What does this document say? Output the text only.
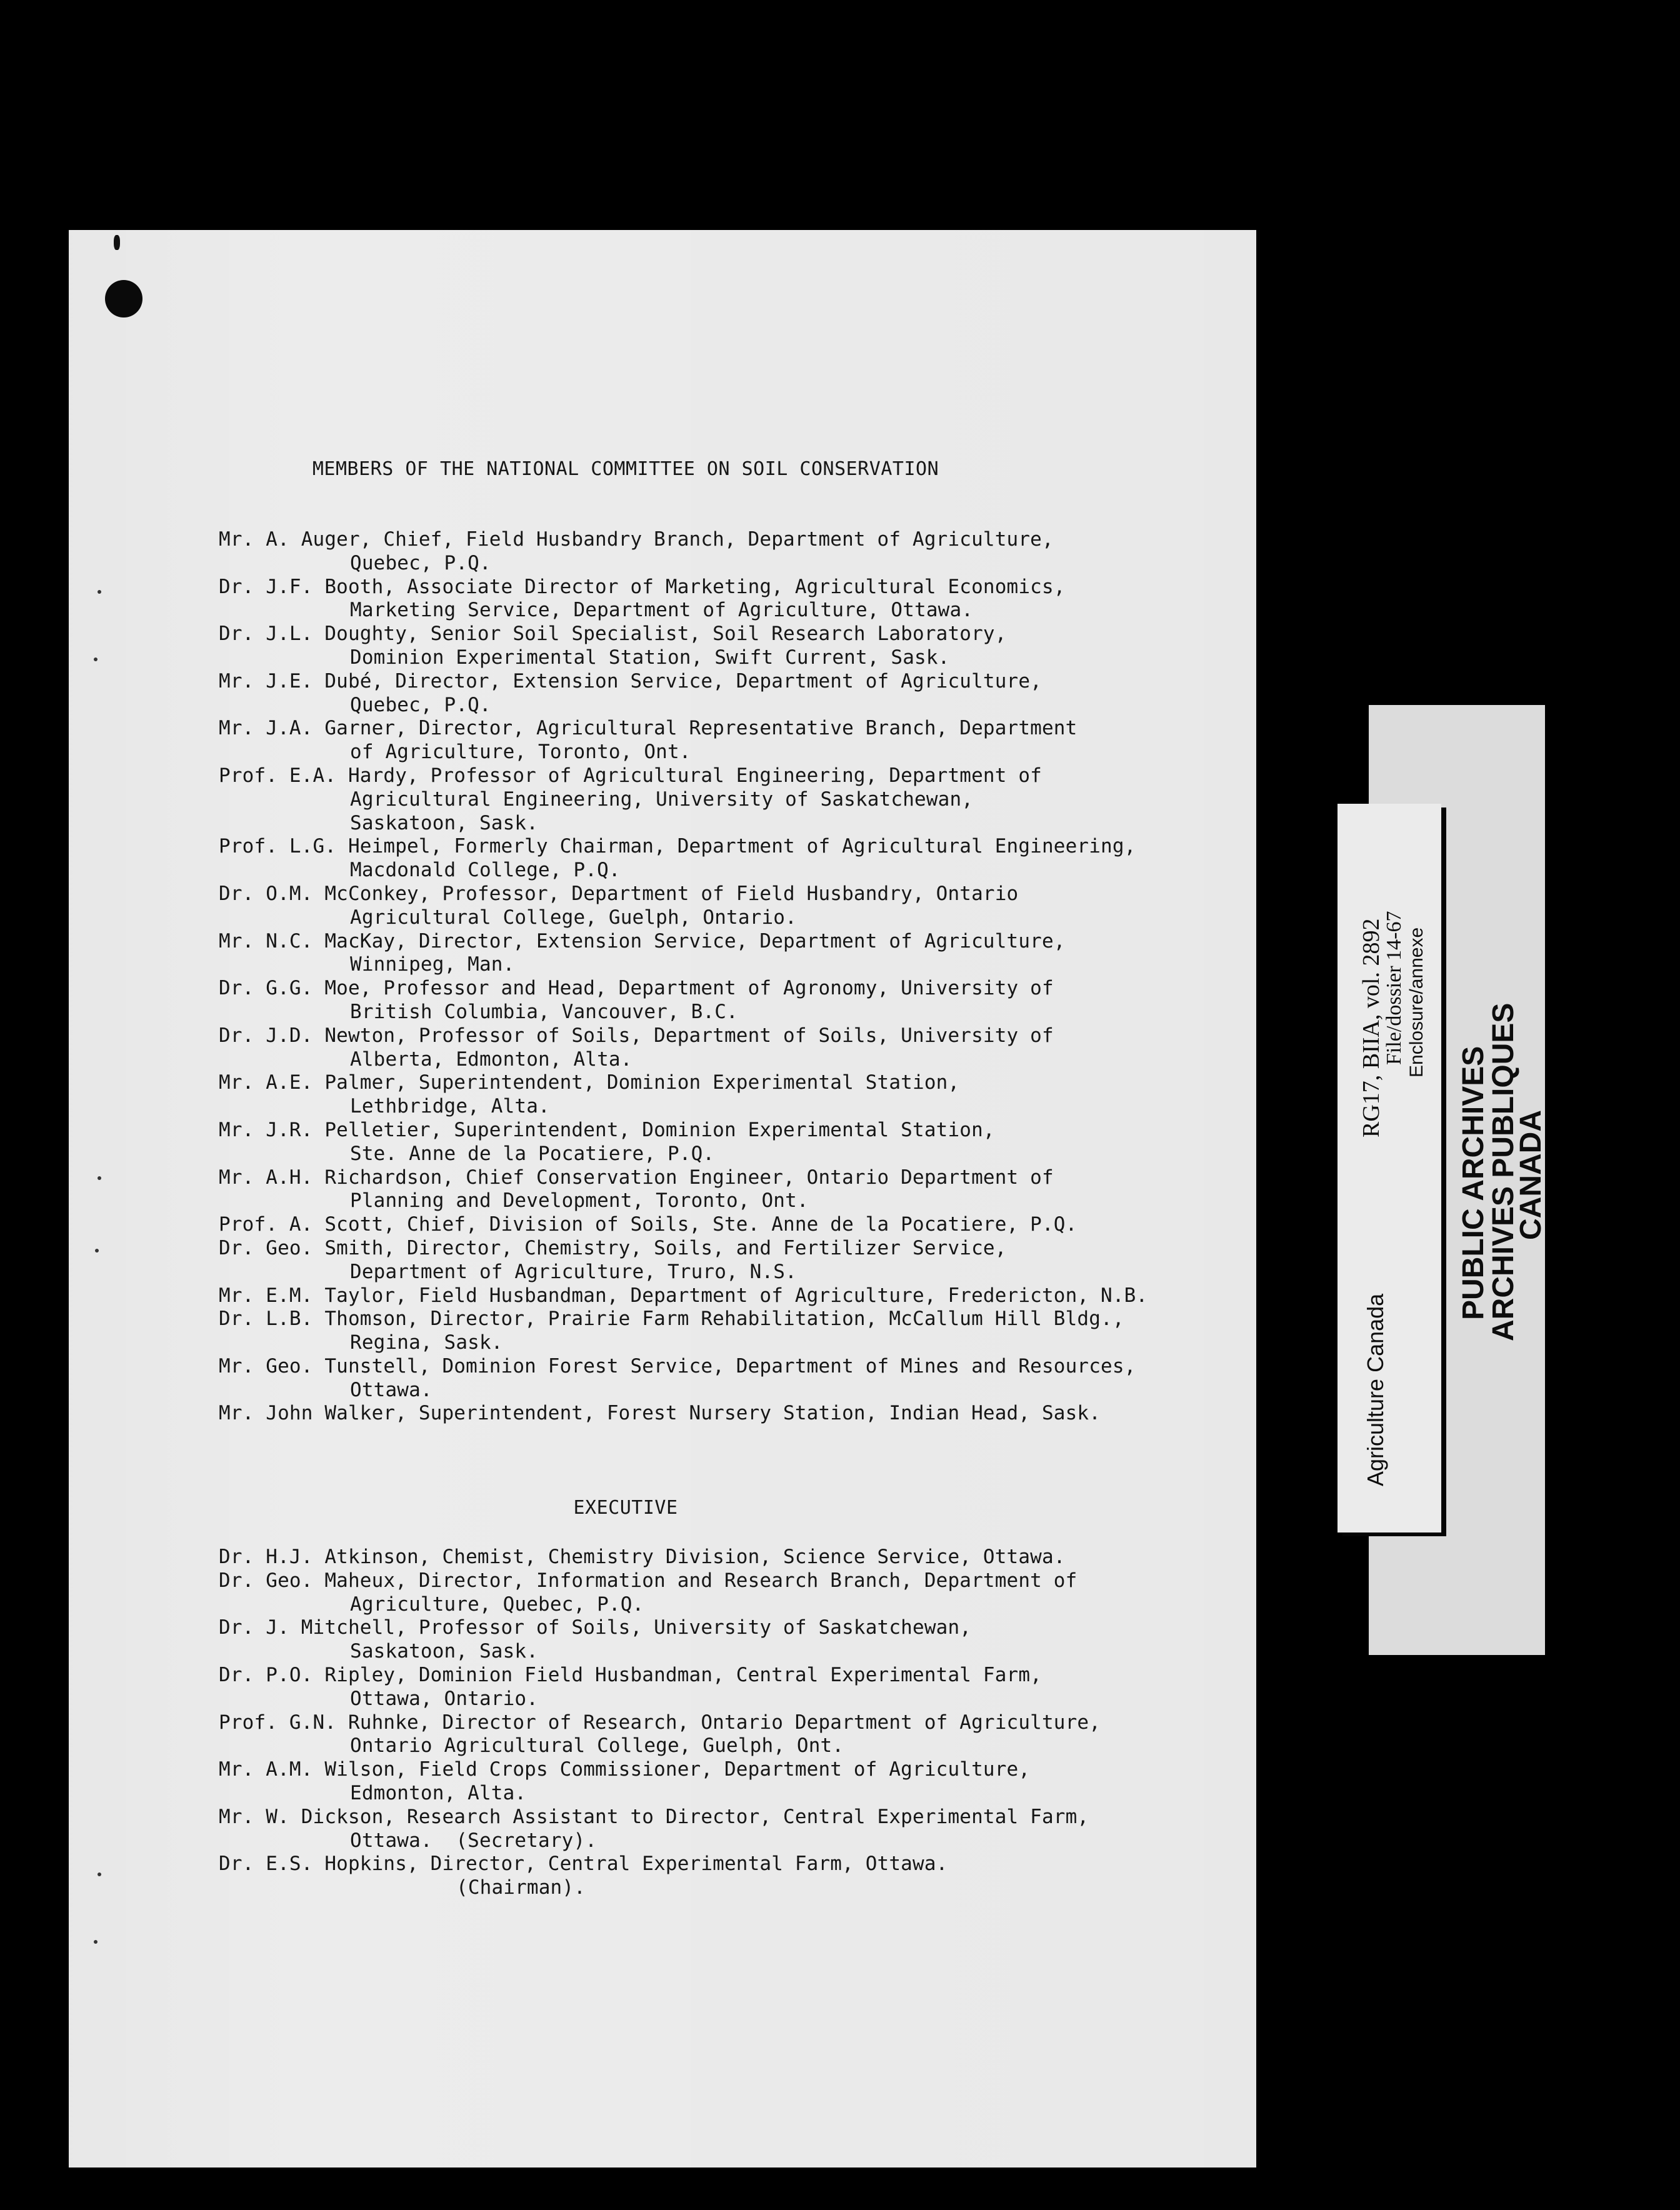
MEMBERS OF THE NATIONAL COMMITTEE ON SOIL CONSERVATION
Mr. A. Auger, Chief, Field Husbandry Branch, Department of Agriculture,
Quebec, P.Q.
Dr. J.F. Booth, Associate Director of Marketing, Agricultural Economics,
Marketing Service, Department of Agriculture, Ottawa.
Dr. J.L. Doughty, Senior Soil Specialist, Soil Research Laboratory,
Dominion Experimental Station, Swift Current, Sask.
Mr. J.E. Dubé, Director, Extension Service, Department of Agriculture,
Quebec, P.Q.
Mr. J.A. Garner, Director, Agricultural Representative Branch, Department
of Agriculture, Toronto, Ont.
Prof. E.A. Hardy, Professor of Agricultural Engineering, Department of
Agricultural Engineering, University of Saskatchewan,
Saskatoon, Sask.
Prof. L.G. Heimpel, Formerly Chairman, Department of Agricultural Engineering,
Macdonald College, P.Q.
Dr. O.M. McConkey, Professor, Department of Field Husbandry, Ontario
Agricultural College, Guelph, Ontario.
Mr. N.C. MacKay, Director, Extension Service, Department of Agriculture,
Winnipeg, Man.
Dr. G.G. Moe, Professor and Head, Department of Agronomy, University of
British Columbia, Vancouver, B.C.
Dr. J.D. Newton, Professor of Soils, Department of Soils, University of
Alberta, Edmonton, Alta.
Mr. A.E. Palmer, Superintendent, Dominion Experimental Station,
Lethbridge, Alta.
Mr. J.R. Pelletier, Superintendent, Dominion Experimental Station,
Ste. Anne de la Pocatiere, P.Q.
Mr. A.H. Richardson, Chief Conservation Engineer, Ontario Department of
Planning and Development, Toronto, Ont.
Prof. A. Scott, Chief, Division of Soils, Ste. Anne de la Pocatiere, P.Q.
Dr. Geo. Smith, Director, Chemistry, Soils, and Fertilizer Service,
Department of Agriculture, Truro, N.S.
Mr. E.M. Taylor, Field Husbandman, Department of Agriculture, Fredericton, N.B.
Dr. L.B. Thomson, Director, Prairie Farm Rehabilitation, McCallum Hill Bldg.,
Regina, Sask.
Mr. Geo. Tunstell, Dominion Forest Service, Department of Mines and Resources,
Ottawa.
Mr. John Walker, Superintendent, Forest Nursery Station, Indian Head, Sask.
EXECUTIVE
Dr. H.J. Atkinson, Chemist, Chemistry Division, Science Service, Ottawa.
Dr. Geo. Maheux, Director, Information and Research Branch, Department of
Agriculture, Quebec, P.Q.
Dr. J. Mitchell, Professor of Soils, University of Saskatchewan,
Saskatoon, Sask.
Dr. P.O. Ripley, Dominion Field Husbandman, Central Experimental Farm,
Ottawa, Ontario.
Prof. G.N. Ruhnke, Director of Research, Ontario Department of Agriculture,
Ontario Agricultural College, Guelph, Ont.
Mr. A.M. Wilson, Field Crops Commissioner, Department of Agriculture,
Edmonton, Alta.
Mr. W. Dickson, Research Assistant to Director, Central Experimental Farm,
Ottawa.  (Secretary).
Dr. E.S. Hopkins, Director, Central Experimental Farm, Ottawa.
(Chairman).
Agriculture Canada
RG17, BIIA, vol. 2892
File/dossier 14-67 Enclosure/annexe
PUBLIC ARCHIVES
ARCHIVES PUBLIQUES
CANADA
